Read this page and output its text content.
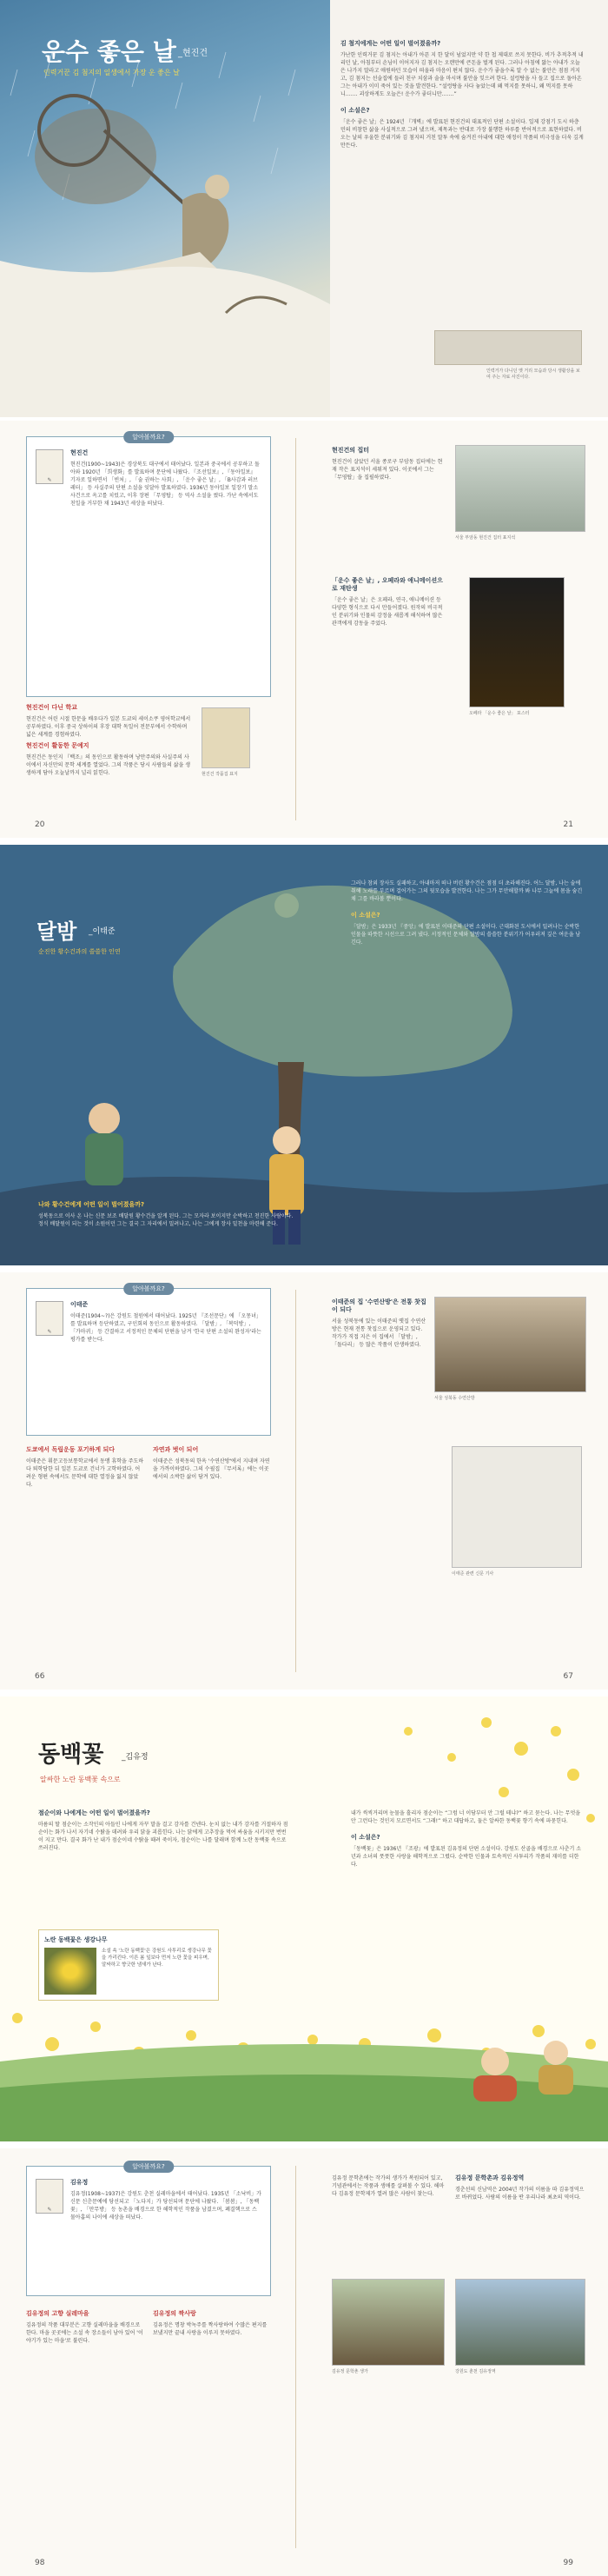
운수 좋은 날 _현진건
인력거꾼 김 첨지의 일생에서 가장 운 좋은 날
김 첨지에게는 어떤 일이 벌어졌을까?

가난한 인력거꾼 김 첨지는 아내가 아픈 지 한 달이 넘었지만 약 한 첩 제대로 쓰지 못한다. 비가 추적추적 내리던 날, 아침부터 손님이 이어지자 김 첨지는 오랜만에 큰돈을 벌게 된다. 그러나 아침에 앓는 아내가 오늘은 나가지 말라고 애원하던 모습이 떠올라 마음이 편치 않다. 운수가 좋을수록 알 수 없는 불안은 점점 커지고, 김 첨지는 선술집에 들러 친구 치삼과 술을 마시며 불안을 잊으려 한다. 설렁탕을 사 들고 집으로 돌아온 그는 아내가 이미 죽어 있는 것을 발견한다. “설렁탕을 사다 놓았는데 왜 먹지를 못하니, 왜 먹지를 못하니……. 괴상하게도 오늘은! 운수가 좋더니만…….”

이 소설은?

「운수 좋은 날」은 1924년 『개벽』에 발표된 현진건의 대표적인 단편 소설이다. 일제 강점기 도시 하층민의 비참한 삶을 사실적으로 그려 냈으며, 제목과는 반대로 가장 불행한 하루를 반어적으로 표현하였다. 비 오는 날의 우울한 분위기와 김 첨지의 거친 말투 속에 숨겨진 아내에 대한 애정이 작품의 비극성을 더욱 깊게 만든다.

인력거가 다니던 옛 거리 모습과 당시 생활상을 보여 주는 자료 사진이다.
알아볼까요?
✎
현진건

현진건(1900~1943)은 경상북도 대구에서 태어났다. 일본과 중국에서 공부하고 돌아와 1920년 「희생화」를 발표하며 문단에 나왔다. 『조선일보』, 『동아일보』 기자로 일하면서 「빈처」, 「술 권하는 사회」, 「운수 좋은 날」, 「B사감과 러브레터」 등 사실주의 단편 소설을 잇달아 발표하였다. 1936년 동아일보 일장기 말소 사건으로 옥고를 치렀고, 이후 장편 「무영탑」 등 역사 소설을 썼다. 가난 속에서도 친일을 거부한 채 1943년 세상을 떠났다.

현진건이 다닌 학교

현진건은 어린 시절 한문을 배우다가 일본 도쿄의 세이소쿠 영어학교에서 공부하였다. 이후 중국 상하이의 후장 대학 독일어 전문부에서 수학하며 넓은 세계를 경험하였다.

현진건이 활동한 문예지

현진건은 동인지 『백조』의 동인으로 활동하며 낭만주의와 사실주의 사이에서 자신만의 문학 세계를 열었다. 그의 작품은 당시 사람들의 삶을 생생하게 담아 오늘날까지 널리 읽힌다.	현진건 작품집 표지
현진건의 집터

현진건이 살았던 서울 종로구 부암동 집터에는 현재 작은 표지석이 세워져 있다. 이곳에서 그는 「무영탑」을 집필하였다.

서울 부암동 현진건 집터 표지석
「운수 좋은 날」, 오페라와 애니메이션으로 재탄생

「운수 좋은 날」은 오페라, 연극, 애니메이션 등 다양한 형식으로 다시 만들어졌다. 원작의 비극적인 분위기와 인물의 감정을 새롭게 해석하여 많은 관객에게 감동을 주었다.

오페라 「운수 좋은 날」 포스터
20	21
달밤 _이태준
순진한 황수건과의 쓸쓸한 인연
나와 황수건에게 어떤 일이 벌어졌을까?

성북동으로 이사 온 나는 신문 보조 배달원 황수건을 알게 된다. 그는 모자라 보이지만 순박하고 천진한 사람이다. 정식 배달원이 되는 것이 소원이던 그는 결국 그 자리에서 밀려나고, 나는 그에게 장사 밑천을 마련해 준다.

그러나 참외 장사도 실패하고, 아내마저 떠나 버린 황수건은 점점 더 초라해진다. 어느 달밤, 나는 술에 취해 노래를 부르며 걸어가는 그의 뒷모습을 발견한다. 나는 그가 무안해할까 봐 나무 그늘에 몸을 숨긴 채 그를 바라볼 뿐이다.

이 소설은?

「달밤」은 1933년 『중앙』에 발표된 이태준의 단편 소설이다. 근대화된 도시에서 밀려나는 순박한 인물을 따뜻한 시선으로 그려 냈다. 서정적인 문체와 달밤의 쓸쓸한 분위기가 어우러져 깊은 여운을 남긴다.

알아볼까요?
✎
이태준

이태준(1904~?)은 강원도 철원에서 태어났다. 1925년 『조선문단』에 「오몽녀」를 발표하며 등단하였고, 구인회의 동인으로 활동하였다. 「달밤」, 「복덕방」, 「가마귀」 등 간결하고 서정적인 문체의 단편을 남겨 '한국 단편 소설의 완성자'라는 평가를 받는다.

도쿄에서 독립운동 포기하게 되다

이태준은 휘문고등보통학교에서 동맹 휴학을 주도하다 퇴학당한 뒤 일본 도쿄로 건너가 고학하였다. 어려운 형편 속에서도 문학에 대한 열정을 잃지 않았다.

자연과 벗이 되어

이태준은 성북동의 한옥 '수연산방'에서 지내며 자연을 가까이하였다. 그의 수필집 『무서록』에는 이곳에서의 소박한 삶이 담겨 있다.

이태준의 집 '수연산방'은 전통 찻집이 되다

서울 성북동에 있는 이태준의 옛집 수연산방은 현재 전통 찻집으로 운영되고 있다. 작가가 직접 지은 이 집에서 「달밤」, 「돌다리」 등 많은 작품이 탄생하였다.

서울 성북동 수연산방
이태준 관련 신문 기사
66	67
동백꽃 _김유정
알싸한 노란 동백꽃 속으로
점순이와 나에게는 어떤 일이 벌어졌을까?

마름의 딸 점순이는 소작인의 아들인 나에게 자꾸 말을 걸고 감자를 건넨다. 눈치 없는 내가 감자를 거절하자 점순이는 화가 나서 자기네 수탉을 데려와 우리 닭을 괴롭힌다. 나는 닭에게 고추장을 먹여 싸움을 시키지만 번번이 지고 만다. 결국 화가 난 내가 점순이네 수탉을 때려 죽이자, 점순이는 나를 달래며 함께 노란 동백꽃 속으로 쓰러진다.

노란 동백꽃은 생강나무
소설 속 '노란 동백꽃'은 강원도 사투리로 생강나무 꽃을 가리킨다. 이른 봄 잎보다 먼저 노란 꽃을 피우며, 알싸하고 향긋한 냄새가 난다.

내가 씩씩거리며 눈물을 흘리자 점순이는 “그럼 너 이담부터 안 그럴 테냐?” 하고 묻는다. 나는 무엇을 안 그런다는 것인지 모르면서도 “그래!” 하고 대답하고, 둘은 알싸한 동백꽃 향기 속에 파묻힌다.

이 소설은?

「동백꽃」은 1936년 『조광』에 발표된 김유정의 단편 소설이다. 강원도 산골을 배경으로 사춘기 소년과 소녀의 풋풋한 사랑을 해학적으로 그렸다. 순박한 인물과 토속적인 사투리가 작품의 재미를 더한다.

알아볼까요?
✎
김유정

김유정(1908~1937)은 강원도 춘천 실레마을에서 태어났다. 1935년 「소낙비」가 신문 신춘문예에 당선되고 「노다지」가 당선되며 문단에 나왔다. 「봄봄」, 「동백꽃」, 「만무방」 등 농촌을 배경으로 한 해학적인 작품을 남겼으며, 폐결핵으로 스물아홉의 나이에 세상을 떠났다.

김유정의 고향 실레마을

김유정의 작품 대부분은 고향 실레마을을 배경으로 한다. 마을 곳곳에는 소설 속 장소들이 남아 있어 '이야기가 있는 마을'로 불린다.

김유정의 짝사랑

김유정은 명창 박녹주를 짝사랑하여 수많은 편지를 보냈지만 끝내 사랑을 이루지 못하였다.

김유정 문학촌에는 작가의 생가가 복원되어 있고, 기념관에서는 작품과 생애를 살펴볼 수 있다. 해마다 김유정 문학제가 열려 많은 사람이 찾는다.

김유정 문학촌과 김유정역

경춘선의 신남역은 2004년 작가의 이름을 따 김유정역으로 바뀌었다. 사람의 이름을 딴 우리나라 최초의 역이다.

김유정 문학촌 생가	강원도 춘천 김유정역
98	99
